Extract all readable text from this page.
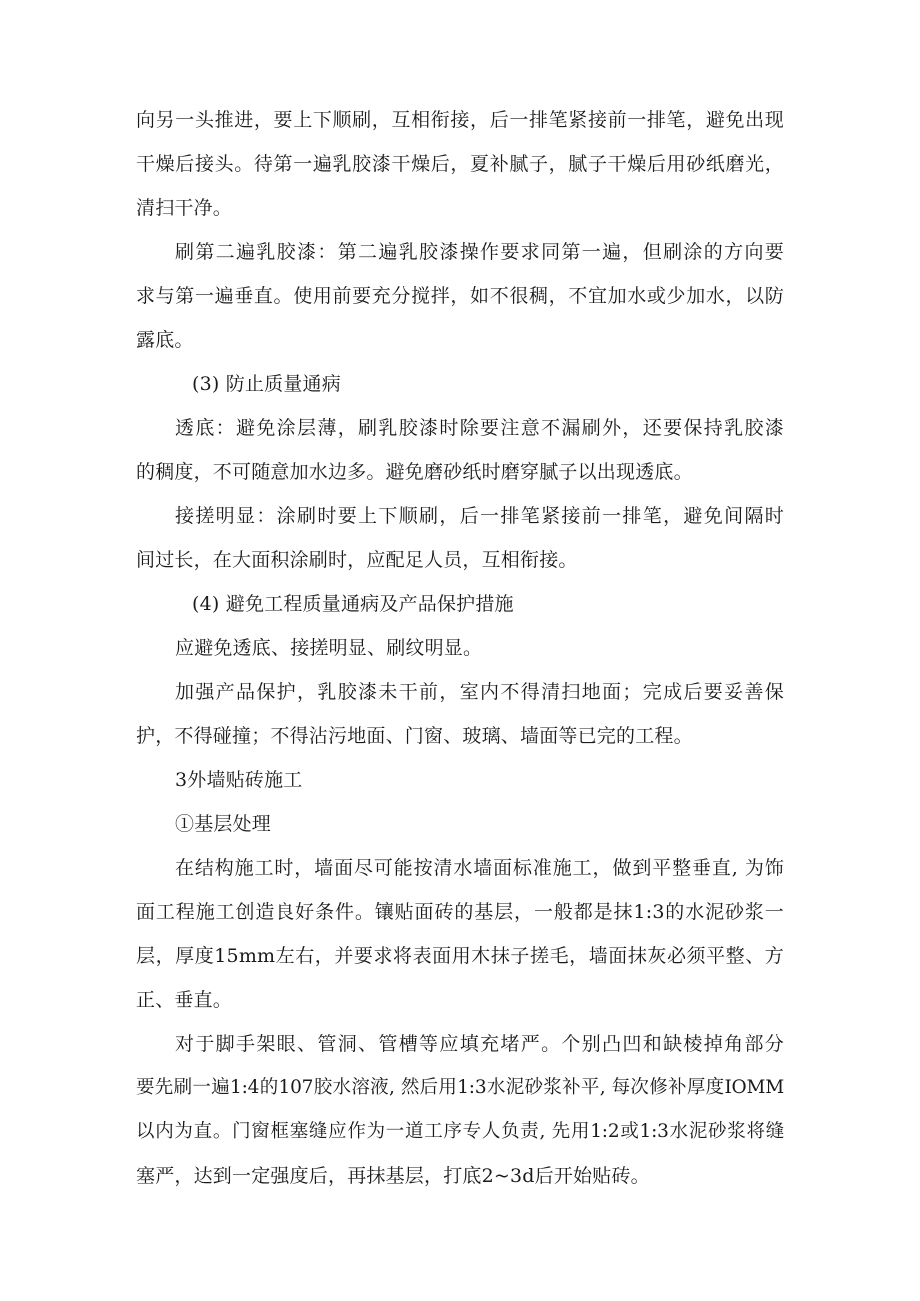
向另一头推进，要上下顺刷，互相衔接，后一排笔紧接前一排笔，避免出现
干燥后接头。待第一遍乳胶漆干燥后，夏补腻子，腻子干燥后用砂纸磨光，
清扫干净。
刷第二遍乳胶漆：第二遍乳胶漆操作要求同第一遍，但刷涂的方向要
求与第一遍垂直。使用前要充分搅拌，如不很稠，不宜加水或少加水，以防
露底。
(3) 防止质量通病
透底：避免涂层薄，刷乳胶漆时除要注意不漏刷外，还要保持乳胶漆
的稠度，不可随意加水边多。避免磨砂纸时磨穿腻子以出现透底。
接搓明显：涂刷时要上下顺刷，后一排笔紧接前一排笔，避免间隔时
间过长，在大面积涂刷时，应配足人员，互相衔接。
(4) 避免工程质量通病及产品保护措施
应避免透底、接搓明显、刷纹明显。
加强产品保护，乳胶漆未干前，室内不得清扫地面；完成后要妥善保
护，不得碰撞；不得沾污地面、门窗、玻璃、墙面等已完的工程。
3外墙贴砖施工
①基层处理
在结构施工时，墙面尽可能按清水墙面标准施工，做到平整垂直, 为饰
面工程施工创造良好条件。镶贴面砖的基层，一般都是抹1:3的水泥砂浆一
层，厚度15mm左右，并要求将表面用木抹子搓毛，墙面抹灰必须平整、方
正、垂直。
对于脚手架眼、管洞、管槽等应填充堵严。个别凸凹和缺棱掉角部分
要先刷一遍1:4的107胶水溶液, 然后用1:3水泥砂浆补平, 每次修补厚度IOMM
以内为直。门窗框塞缝应作为一道工序专人负责, 先用1:2或1:3水泥砂浆将缝
塞严，达到一定强度后，再抹基层，打底2~3d后开始贴砖。
